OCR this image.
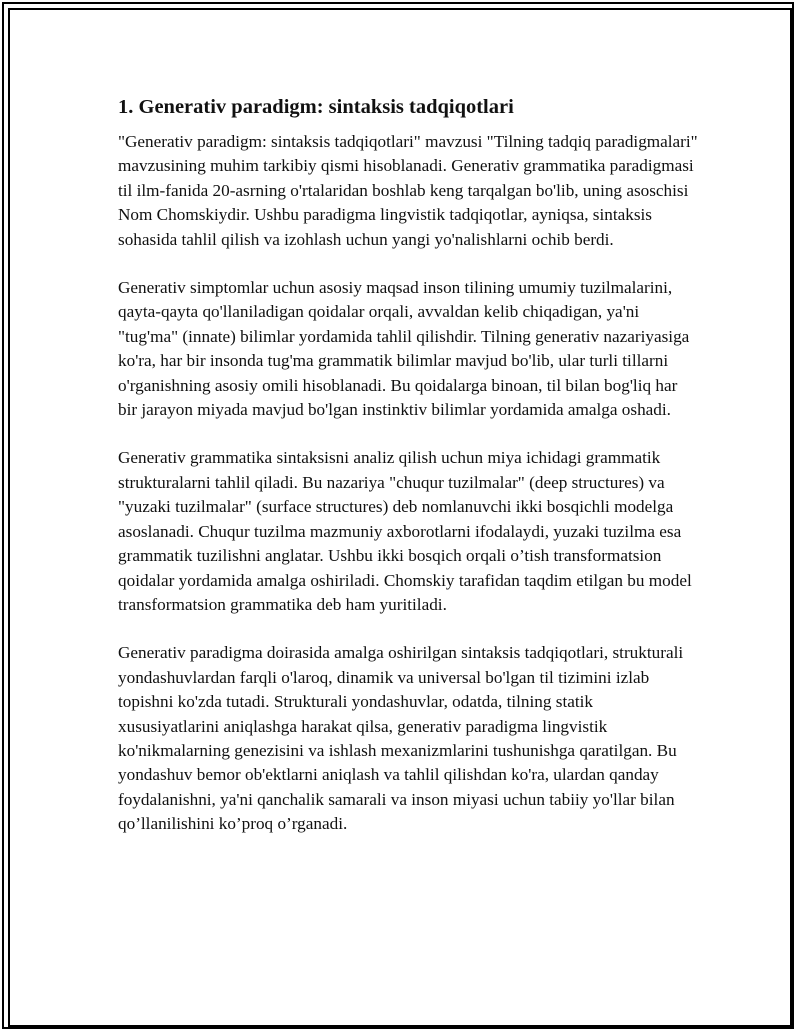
1. Generativ paradigm: sintaksis tadqiqotlari

"Generativ paradigm: sintaksis tadqiqotlari" mavzusi "Tilning tadqiq paradigmalari" mavzusining muhim tarkibiy qismi hisoblanadi. Generativ grammatika paradigmasi til ilm-fanida 20-asrning o'rtalaridan boshlab keng tarqalgan bo'lib, uning asoschisi Nom Chomskiydir. Ushbu paradigma lingvistik tadqiqotlar, ayniqsa, sintaksis sohasida tahlil qilish va izohlash uchun yangi yo'nalishlarni ochib berdi.

Generativ simptomlar uchun asosiy maqsad inson tilining umumiy tuzilmalarini, qayta-qayta qo'llaniladigan qoidalar orqali, avvaldan kelib chiqadigan, ya'ni "tug'ma" (innate) bilimlar yordamida tahlil qilishdir. Tilning generativ nazariyasiga ko'ra, har bir insonda tug'ma grammatik bilimlar mavjud bo'lib, ular turli tillarni o'rganishning asosiy omili hisoblanadi. Bu qoidalarga binoan, til bilan bog'liq har bir jarayon miyada mavjud bo'lgan instinktiv bilimlar yordamida amalga oshadi.

Generativ grammatika sintaksisni analiz qilish uchun miya ichidagi grammatik strukturalarni tahlil qiladi. Bu nazariya "chuqur tuzilmalar" (deep structures) va "yuzaki tuzilmalar" (surface structures) deb nomlanuvchi ikki bosqichli modelga asoslanadi. Chuqur tuzilma mazmuniy axborotlarni ifodalaydi, yuzaki tuzilma esa grammatik tuzilishni anglatar. Ushbu ikki bosqich orqali o’tish transformatsion qoidalar yordamida amalga oshiriladi. Chomskiy tarafidan taqdim etilgan bu model transformatsion grammatika deb ham yuritiladi.

Generativ paradigma doirasida amalga oshirilgan sintaksis tadqiqotlari, strukturali yondashuvlardan farqli o'laroq, dinamik va universal bo'lgan til tizimini izlab topishni ko'zda tutadi. Strukturali yondashuvlar, odatda, tilning statik xususiyatlarini aniqlashga harakat qilsa, generativ paradigma lingvistik ko'nikmalarning genezisini va ishlash mexanizmlarini tushunishga qaratilgan. Bu yondashuv bemor ob'ektlarni aniqlash va tahlil qilishdan ko'ra, ulardan qanday foydalanishni, ya'ni qanchalik samarali va inson miyasi uchun tabiiy yo'llar bilan qo’llanilishini ko’proq o’rganadi.
